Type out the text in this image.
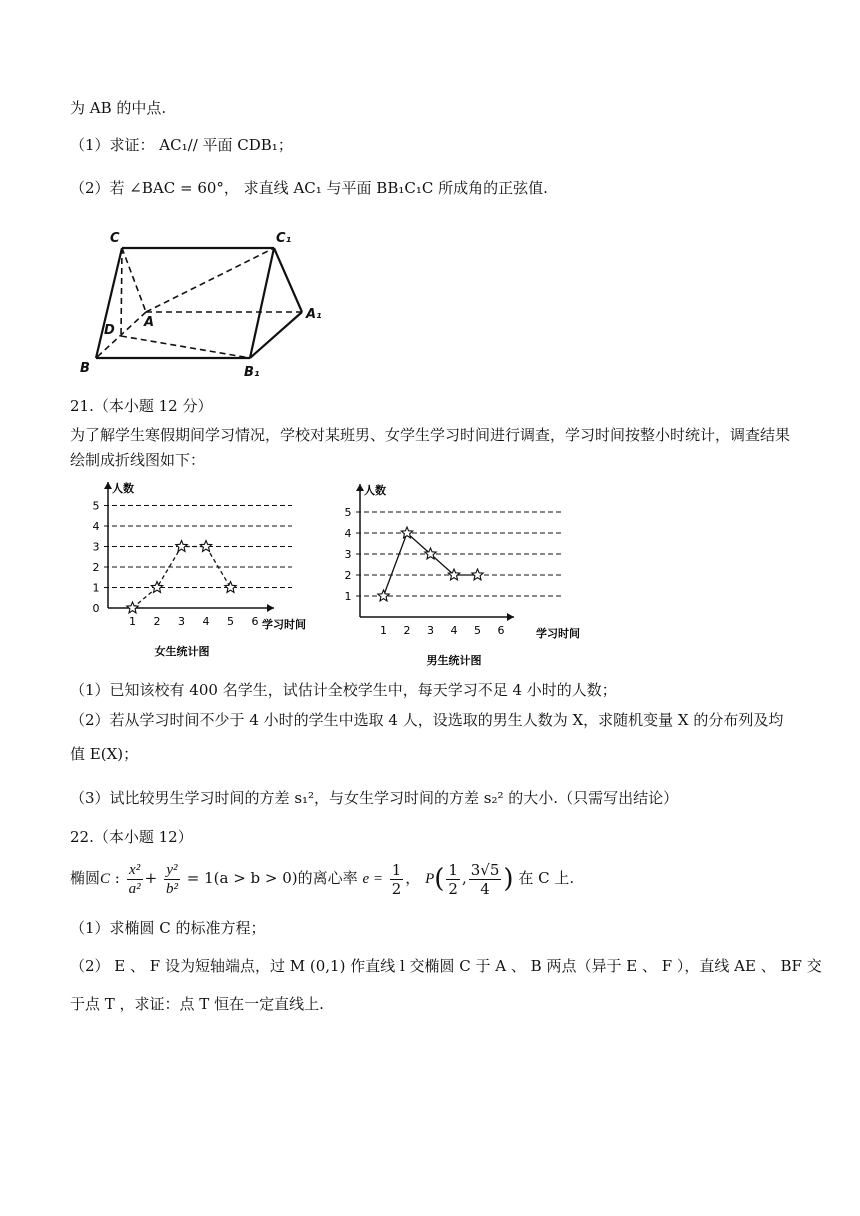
为 AB 的中点.
（1）求证： AC₁// 平面 CDB₁；
（2）若 ∠BAC = 60°， 求直线 AC₁ 与平面 BB₁C₁C 所成角的正弦值.
C	C₁
A
A₁
D
B	B₁
21.（本小题 12 分）
为了解学生寒假期间学习情况，学校对某班男、女学生学习时间进行调查，学习时间按整小时统计，调查结果
绘制成折线图如下：
0
1
2
3
4
5
1 2 3 4 5 6
人数
学习时间
女生统计图
1
2
3
4
5
1 2 3 4 5 6
人数
学习时间
男生统计图
（1）已知该校有 400 名学生，试估计全校学生中，每天学习不足 4 小时的人数；
（2）若从学习时间不少于 4 小时的学生中选取 4 人，设选取的男生人数为 X，求随机变量 X 的分布列及均
值 E(X)；
（3）试比较男生学习时间的方差 s₁²，与女生学习时间的方差 s₂² 的大小.（只需写出结论）
22.（本小题 12）
椭圆C : $\frac{\text{x²}}{\text{a²}} + \frac{\text{y²}}{\text{b²}} = 1(a > b > 0)$的离心率 $e = \frac{1}{2}$ ， $P( \frac{1}{2}$ , $\frac{3√5}{4}$ ) 在 C 上.
（1）求椭圆 C 的标准方程；
（2） E 、 F 设为短轴端点，过 M (0,1) 作直线 l 交椭圆 C 于 A 、 B 两点（异于 E 、 F ），直线 AE 、 BF 交
于点 T ，求证：点 T 恒在一定直线上.
